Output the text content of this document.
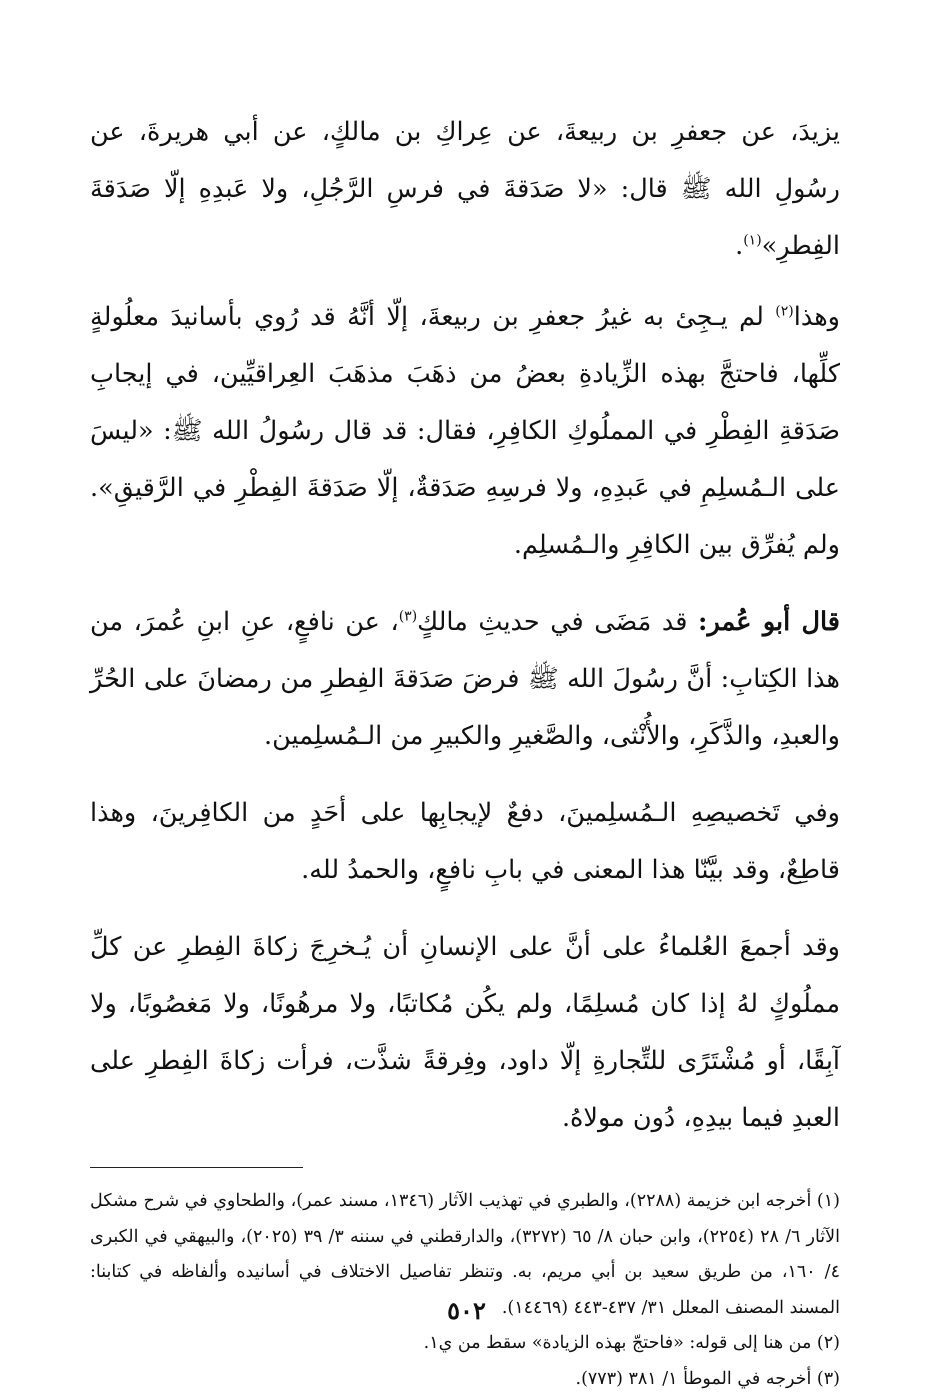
يزيدَ، عن جعفرِ بن ربيعةَ، عن عِراكِ بن مالكٍ، عن أبي هريرةَ، عن رسُولِ الله ﷺ قال: «لا صَدَقةَ في فرسِ الرَّجُلِ، ولا عَبدِهِ إلّا صَدَقةَ الفِطرِ»$^{(١)}$.

وهذا$^{(٢)}$ لم يـجِئ به غيرُ جعفرِ بن ربيعةَ، إلّا أنَّهُ قد رُوي بأسانيدَ معلُولةٍ كلِّها، فاحتجَّ بهذه الزِّيادةِ بعضُ من ذهَبَ مذهَبَ العِراقيِّين، في إيجابِ صَدَقةِ الفِطْرِ في المملُوكِ الكافِرِ، فقال: قد قال رسُولُ الله ﷺ: «ليسَ على الـمُسلِمِ في عَبدِهِ، ولا فرسِهِ صَدَقةٌ، إلّا صَدَقةَ الفِطْرِ في الرَّقيقِ». ولم يُفرِّق بين الكافِرِ والـمُسلِم.

قال أبو عُمر: قد مَضَى في حديثِ مالكٍ$^{(٣)}$، عن نافعٍ، عنِ ابنِ عُمرَ، من هذا الكِتابِ: أنَّ رسُولَ الله ﷺ فرضَ صَدَقةَ الفِطرِ من رمضانَ على الحُرِّ والعبدِ، والذَّكَرِ، والأُنْثى، والصَّغيرِ والكبيرِ من الـمُسلِمين.

وفي تَخصيصِهِ الـمُسلِمينَ، دفعٌ لإيجابِها على أحَدٍ من الكافِرينَ، وهذا قاطِعٌ، وقد بيَّنّا هذا المعنى في بابِ نافعٍ، والحمدُ لله.

وقد أجمعَ العُلماءُ على أنَّ على الإنسانِ أن يُـخرِجَ زكاةَ الفِطرِ عن كلِّ مملُوكٍ لهُ إذا كان مُسلِمًا، ولم يكُن مُكاتبًا، ولا مرهُونًا، ولا مَغصُوبًا، ولا آبِقًا، أو مُشْتَرًى للتِّجارةِ إلّا داود، وفِرقةً شذَّت، فرأت زكاةَ الفِطرِ على العبدِ فيما بيدِهِ، دُون مولاهُ.

(١) أخرجه ابن خزيمة (٢٢٨٨)، والطبري في تهذيب الآثار (١٣٤٦، مسند عمر)، والطحاوي في شرح مشكل الآثار ٦/ ٢٨ (٢٢٥٤)، وابن حبان ٨/ ٦٥ (٣٢٧٢)، والدارقطني في سننه ٣/ ٣٩ (٢٠٢٥)، والبيهقي في الكبرى ٤/ ١٦٠، من طريق سعيد بن أبي مريم، به. وتنظر تفاصيل الاختلاف في أسانيده وألفاظه في كتابنا: المسند المصنف المعلل ٣١/ ٤٣٧-٤٤٣ (١٤٤٦٩).

(٢) من هنا إلى قوله: «فاحتجّ بهذه الزيادة» سقط من ي١.

(٣) أخرجه في الموطأ ١/ ٣٨١ (٧٧٣).

٥٠٢
